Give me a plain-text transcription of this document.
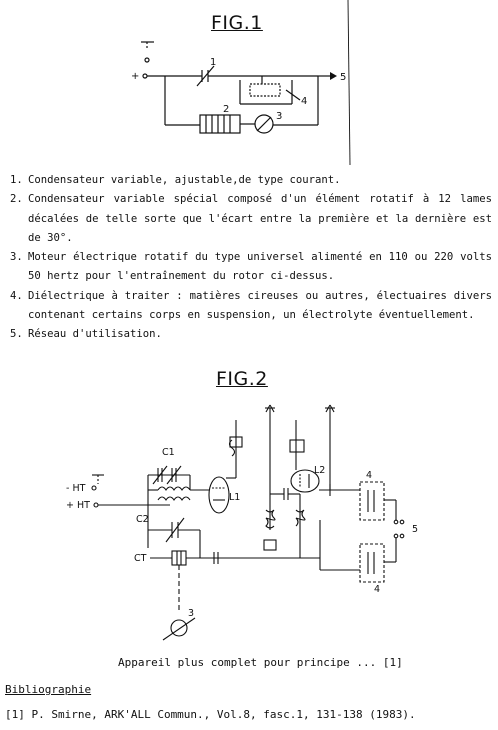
FIG.1
+
1
5
2
3
4
1. Condensateur variable, ajustable,de type courant.
2. Condensateur variable spécial composé d'un élément rotatif à 12 lames décalées de telle sorte que l'écart entre la première et la dernière est de 30°.
3. Moteur électrique rotatif du type universel alimenté en 110 ou 220 volts 50 hertz pour l'entraînement du rotor ci-dessus.
4. Diélectrique à traiter : matières cireuses ou autres, électuaires divers contenant certains corps en suspension, un électrolyte éventuellement.
5. Réseau d'utilisation.
FIG.2
- HT
+ HT
C1
C2
L1
CT
3
L2	4
4
5
Appareil plus complet pour principe ... [1]
Bibliographie
[1] P. Smirne, ARK'ALL Commun., Vol.8, fasc.1, 131-138 (1983).
